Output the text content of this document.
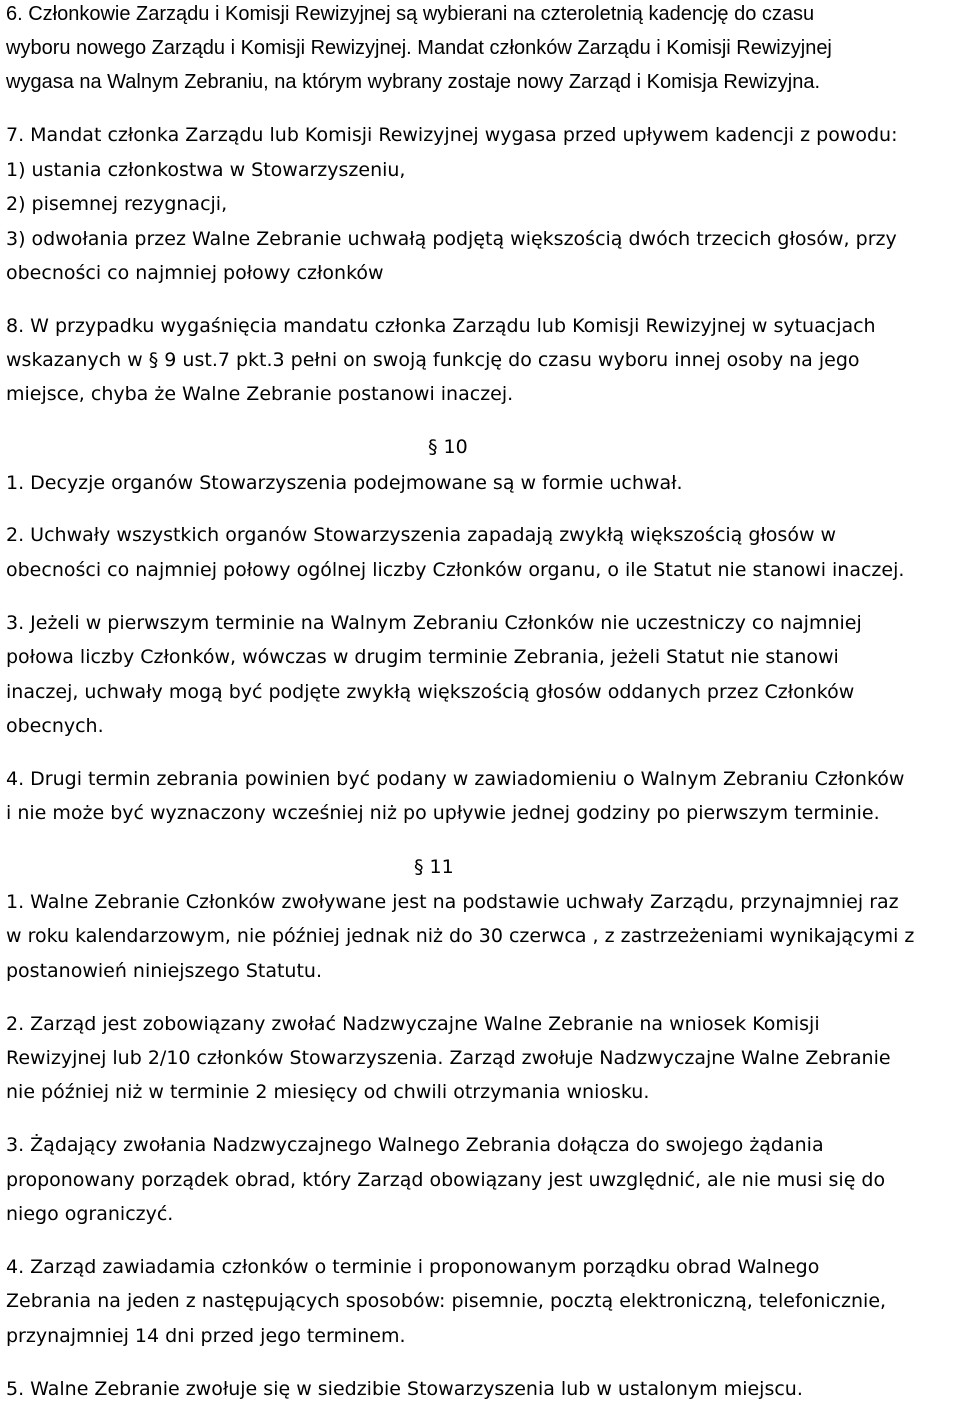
6. Członkowie Zarządu i Komisji Rewizyjnej są wybierani na czteroletnią kadencję do czasu
wyboru nowego Zarządu i Komisji Rewizyjnej. Mandat członków Zarządu i Komisji Rewizyjnej
wygasa na Walnym Zebraniu, na którym wybrany zostaje nowy Zarząd i Komisja Rewizyjna.
7. Mandat członka Zarządu lub Komisji Rewizyjnej wygasa przed upływem kadencji z powodu:
1) ustania członkostwa w Stowarzyszeniu,
2) pisemnej rezygnacji,
3) odwołania przez Walne Zebranie uchwałą podjętą większością dwóch trzecich głosów, przy
obecności co najmniej połowy członków
8. W przypadku wygaśnięcia mandatu członka Zarządu lub Komisji Rewizyjnej w sytuacjach
wskazanych w § 9 ust.7 pkt.3 pełni on swoją funkcję do czasu wyboru innej osoby na jego
miejsce, chyba że Walne Zebranie postanowi inaczej.
§ 10
1. Decyzje organów Stowarzyszenia podejmowane są w formie uchwał.
2. Uchwały wszystkich organów Stowarzyszenia zapadają zwykłą większością głosów w
obecności co najmniej połowy ogólnej liczby Członków organu, o ile Statut nie stanowi inaczej.
3. Jeżeli w pierwszym terminie na Walnym Zebraniu Członków nie uczestniczy co najmniej
połowa liczby Członków, wówczas w drugim terminie Zebrania, jeżeli Statut nie stanowi
inaczej, uchwały mogą być podjęte zwykłą większością głosów oddanych przez Członków
obecnych.
4. Drugi termin zebrania powinien być podany w zawiadomieniu o Walnym Zebraniu Członków
i nie może być wyznaczony wcześniej niż po upływie jednej godziny po pierwszym terminie.
§ 11
1. Walne Zebranie Członków zwoływane jest na podstawie uchwały Zarządu, przynajmniej raz
w roku kalendarzowym, nie później jednak niż do 30 czerwca , z zastrzeżeniami wynikającymi z
postanowień niniejszego Statutu.
2. Zarząd jest zobowiązany zwołać Nadzwyczajne Walne Zebranie na wniosek Komisji
Rewizyjnej lub 2/10 członków Stowarzyszenia. Zarząd zwołuje Nadzwyczajne Walne Zebranie
nie później niż w terminie 2 miesięcy od chwili otrzymania wniosku.
3. Żądający zwołania Nadzwyczajnego Walnego Zebrania dołącza do swojego żądania
proponowany porządek obrad, który Zarząd obowiązany jest uwzględnić, ale nie musi się do
niego ograniczyć.
4. Zarząd zawiadamia członków o terminie i proponowanym porządku obrad Walnego
Zebrania na jeden z następujących sposobów: pisemnie, pocztą elektroniczną, telefonicznie,
przynajmniej 14 dni przed jego terminem.
5. Walne Zebranie zwołuje się w siedzibie Stowarzyszenia lub w ustalonym miejscu.
